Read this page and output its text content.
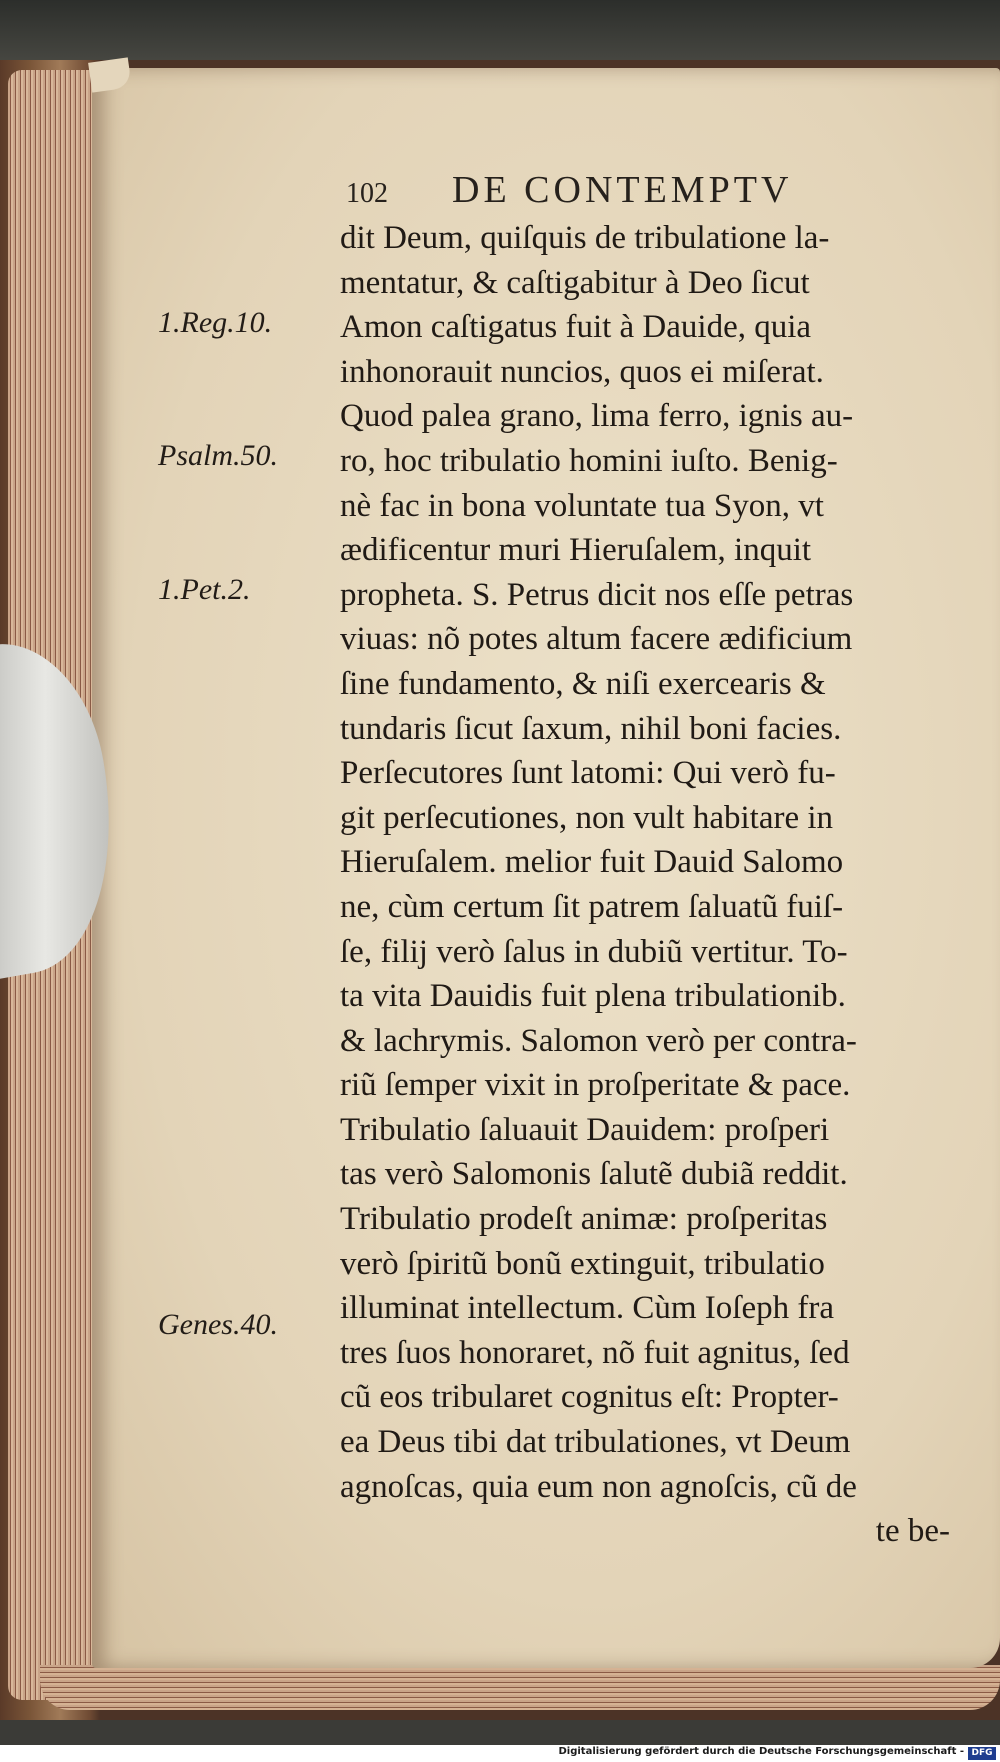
102 DE CONTEMPTV
1.Reg.10.
Psalm.50.
1.Pet.2.
Genes.40.
dit Deum, quiſquis de tribulatione la-
mentatur, & caſtigabitur à Deo ſicut
Amon caſtigatus fuit à Dauide, quia
inhonorauit nuncios, quos ei miſerat.
Quod palea grano, lima ferro, ignis au-
ro, hoc tribulatio homini iuſto. Benig-
nè fac in bona voluntate tua Syon, vt
ædificentur muri Hieruſalem, inquit
propheta. S. Petrus dicit nos eſſe petras
viuas: nõ potes altum facere ædificium
ſine fundamento, & niſi exercearis &
tundaris ſicut ſaxum, nihil boni facies.
Perſecutores ſunt latomi: Qui verò fu-
git perſecutiones, non vult habitare in
Hieruſalem. melior fuit Dauid Salomo
ne, cùm certum ſit patrem ſaluatũ fuiſ-
ſe, filij verò ſalus in dubiũ vertitur. To-
ta vita Dauidis fuit plena tribulationib.
& lachrymis. Salomon verò per contra-
riũ ſemper vixit in proſperitate & pace.
Tribulatio ſaluauit Dauidem: proſperi
tas verò Salomonis ſalutẽ dubiã reddit.
Tribulatio prodeſt animæ: proſperitas
verò ſpiritũ bonũ extinguit, tribulatio
illuminat intellectum. Cùm Ioſeph fra
tres ſuos honoraret, nõ fuit agnitus, ſed
cũ eos tribularet cognitus eſt: Propter-
ea Deus tibi dat tribulationes, vt Deum
agnoſcas, quia eum non agnoſcis, cũ de
te be-
Digitalisierung gefördert durch die Deutsche Forschungsgemeinschaft - DFG
